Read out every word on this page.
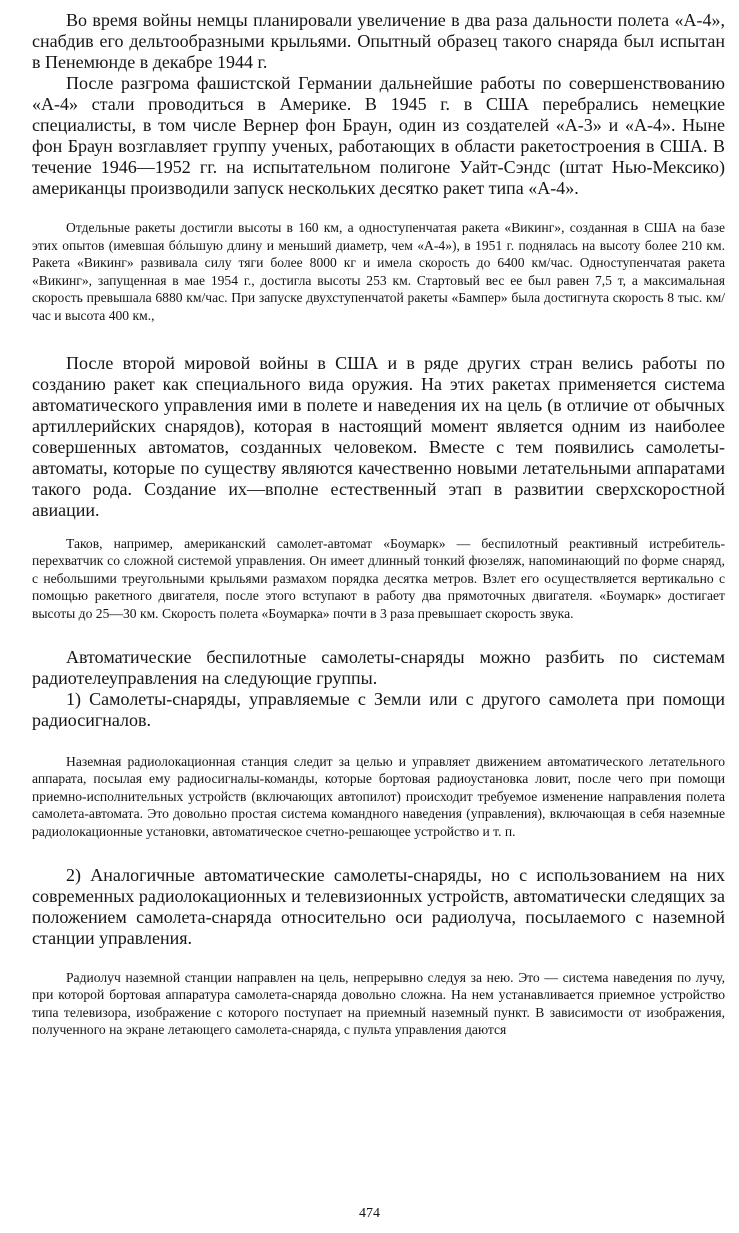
Во время войны немцы планировали увеличение в два раза дальности полета «А-4», снабдив его дельтообразными крыльями. Опытный образец такого снаряда был испытан в Пенемюнде в декабре 1944 г.

После разгрома фашистской Германии дальнейшие работы по совершенствованию «А-4» стали проводиться в Америке. В 1945 г. в США перебрались немецкие специалисты, в том числе Вернер фон Браун, один из создателей «А-3» и «А-4». Ныне фон Браун возглавляет группу ученых, работающих в области ракетостроения в США. В течение 1946—1952 гг. на испытательном полигоне Уайт-Сэндс (штат Нью-Мексико) американцы производили запуск нескольких десятко ракет типа «А-4».

Отдельные ракеты достигли высоты в 160 км, а одноступенчатая ракета «Викинг», созданная в США на базе этих опытов (имевшая бóльшую длину и меньший диаметр, чем «А-4»), в 1951 г. поднялась на высоту более 210 км. Ракета «Викинг» развивала силу тяги более 8000 кг и имела скорость до 6400 км/час. Одноступенчатая ракета «Викинг», запущенная в мае 1954 г., достигла высоты 253 км. Стартовый вес ее был равен 7,5 т, а максимальная скорость превышала 6880 км/час. При запуске двухступенчатой ракеты «Бампер» была достигнута скорость 8 тыс. км/час и высота 400 км.,

После второй мировой войны в США и в ряде других стран велись работы по созданию ракет как специального вида оружия. На этих ракетах применяется система автоматического управления ими в полете и наведения их на цель (в отличие от обычных артиллерийских снарядов), которая в настоящий момент является одним из наиболее совершенных автоматов, созданных человеком. Вместе с тем появились самолеты-автоматы, которые по существу являются качественно новыми летательными аппаратами такого рода. Создание их—вполне естественный этап в развитии сверхскоростной авиации.

Таков, например, американский самолет-автомат «Боумарк» — беспилотный реактивный истребитель-перехватчик со сложной системой управления. Он имеет длинный тонкий фюзеляж, напоминающий по форме снаряд, с небольшими треугольными крыльями размахом порядка десятка метров. Взлет его осуществляется вертикально с помощью ракетного двигателя, после этого вступают в работу два прямоточных двигателя. «Боумарк» достигает высоты до 25—30 км. Скорость полета «Боумарка» почти в 3 раза превышает скорость звука.

Автоматические беспилотные самолеты-снаряды можно разбить по системам радиотелеуправления на следующие группы.

1) Самолеты-снаряды, управляемые с Земли или с другого самолета при помощи радиосигналов.

Наземная радиолокационная станция следит за целью и управляет движением автоматического летательного аппарата, посылая ему радиосигналы-команды, которые бортовая радиоустановка ловит, после чего при помощи приемно-исполнительных устройств (включающих автопилот) происходит требуемое изменение направления полета самолета-автомата. Это довольно простая система командного наведения (управления), включающая в себя наземные радиолокационные установки, автоматическое счетно-решающее устройство и т. п.

2) Аналогичные автоматические самолеты-снаряды, но с использованием на них современных радиолокационных и телевизионных устройств, автоматически следящих за положением самолета-снаряда относительно оси радиолуча, посылаемого с наземной станции управления.

Радиолуч наземной станции направлен на цель, непрерывно следуя за нею. Это — система наведения по лучу, при которой бортовая аппаратура самолета-снаряда довольно сложна. На нем устанавливается приемное устройство типа телевизора, изображение с которого поступает на приемный наземный пункт. В зависимости от изображения, полученного на экране летающего самолета-снаряда, с пульта управления даются

474
